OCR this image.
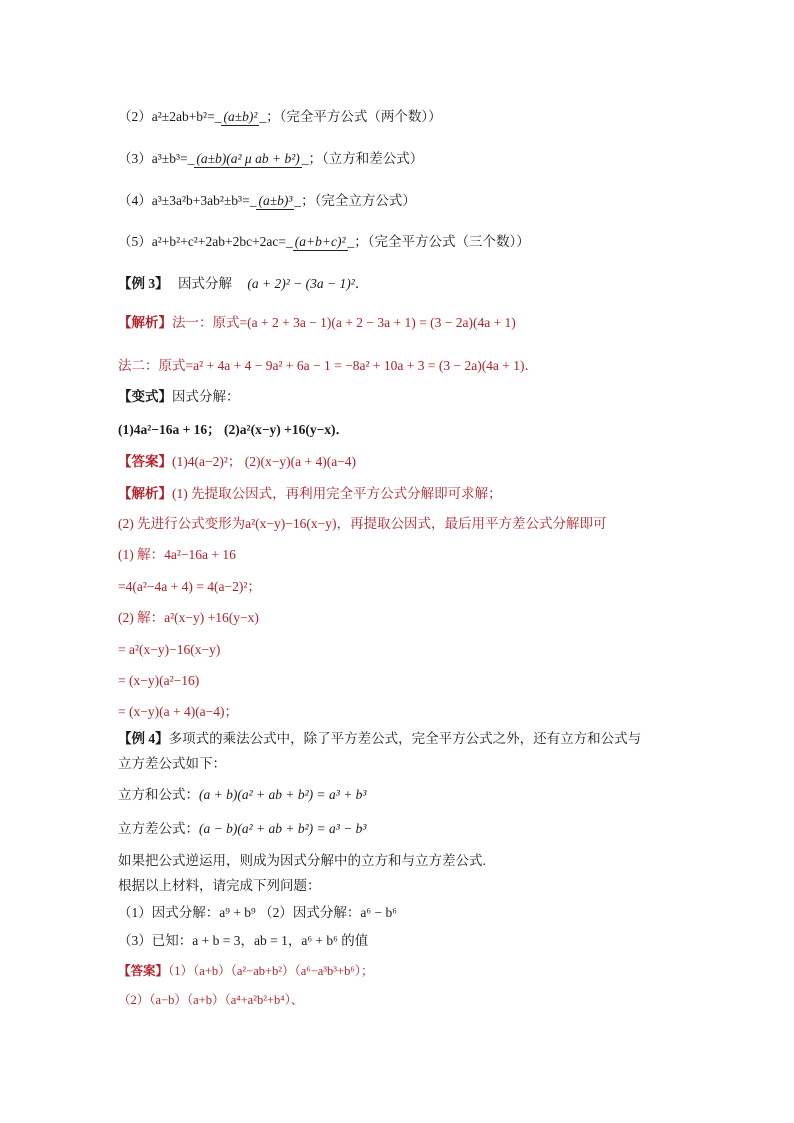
（2）a²±2ab+b²=_ (a±b)² _；（完全平方公式（两个数））
（3）a³±b³=_ (a±b)(a² μ ab + b²) _；（立方和差公式）
（4）a³±3a²b+3ab²±b³=_ (a±b)³ _；（完全立方公式）
（5）a²+b²+c²+2ab+2bc+2ac=_ (a+b+c)² _；（完全平方公式（三个数））
【例 3】 因式分解 (a + 2)² − (3a − 1)²．
【解析】法一：原式=(a + 2 + 3a − 1)(a + 2 − 3a + 1) = (3 − 2a)(4a + 1)
法二：原式=a² + 4a + 4 − 9a² + 6a − 1 = −8a² + 10a + 3 = (3 − 2a)(4a + 1)．
【变式】因式分解：
(1)4a²−16a + 16； (2)a²(x−y) +16(y−x)．
【答案】(1)4(a−2)²； (2)(x−y)(a + 4)(a−4)
【解析】(1) 先提取公因式，再利用完全平方公式分解即可求解；
(2) 先进行公式变形为a²(x−y)−16(x−y)，再提取公因式，最后用平方差公式分解即可
(1) 解：4a²−16a + 16
=4(a²−4a + 4) = 4(a−2)²；
(2) 解：a²(x−y) +16(y−x)
= a²(x−y)−16(x−y)
= (x−y)(a²−16)
= (x−y)(a + 4)(a−4)；
【例 4】多项式的乘法公式中，除了平方差公式，完全平方公式之外，还有立方和公式与
立方差公式如下：
立方和公式：(a + b)(a² + ab + b²) = a³ + b³
立方差公式：(a − b)(a² + ab + b²) = a³ − b³
如果把公式逆运用，则成为因式分解中的立方和与立方差公式.
根据以上材料，请完成下列问题：
（1）因式分解：a⁹ + b⁹ （2）因式分解：a⁶ − b⁶
（3）已知：a + b = 3，ab = 1，a⁶ + b⁶ 的值
【答案】（1）（a+b）（a²−ab+b²）（a⁶−a³b³+b⁶）；
（2）（a−b）（a+b）（a⁴+a²b²+b⁴）、
